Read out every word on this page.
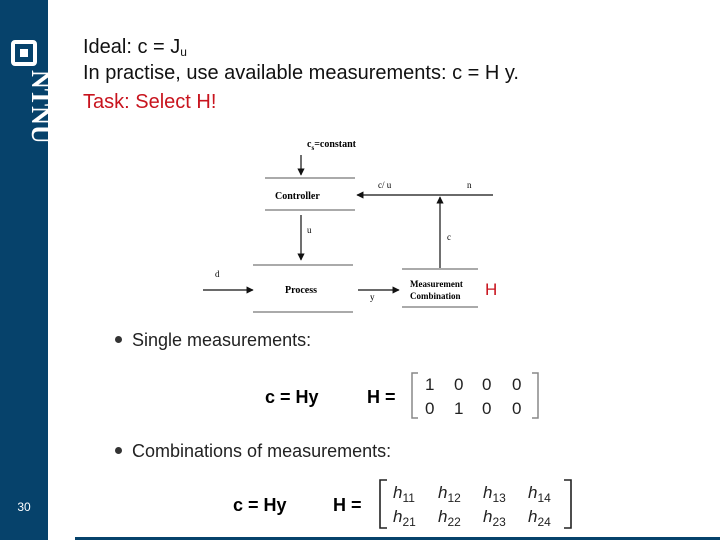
NTNU
30
Ideal: $c = J_u$
In practise, use available measurements: c = H y.
Task: Select H!
$c_s=constant$
Controller
c/ u	n
c
u
Process
d
y
Measurement
Combination H
Single measurements:
c = Hy	H =
1 0 0 0
0 1 0 0
Combinations of measurements:
c = Hy	H =
$h_{11}$ $h_{12}$ $h_{13}$ $h_{14}$
$h_{21}$ $h_{22}$ $h_{23}$ $h_{24}$
